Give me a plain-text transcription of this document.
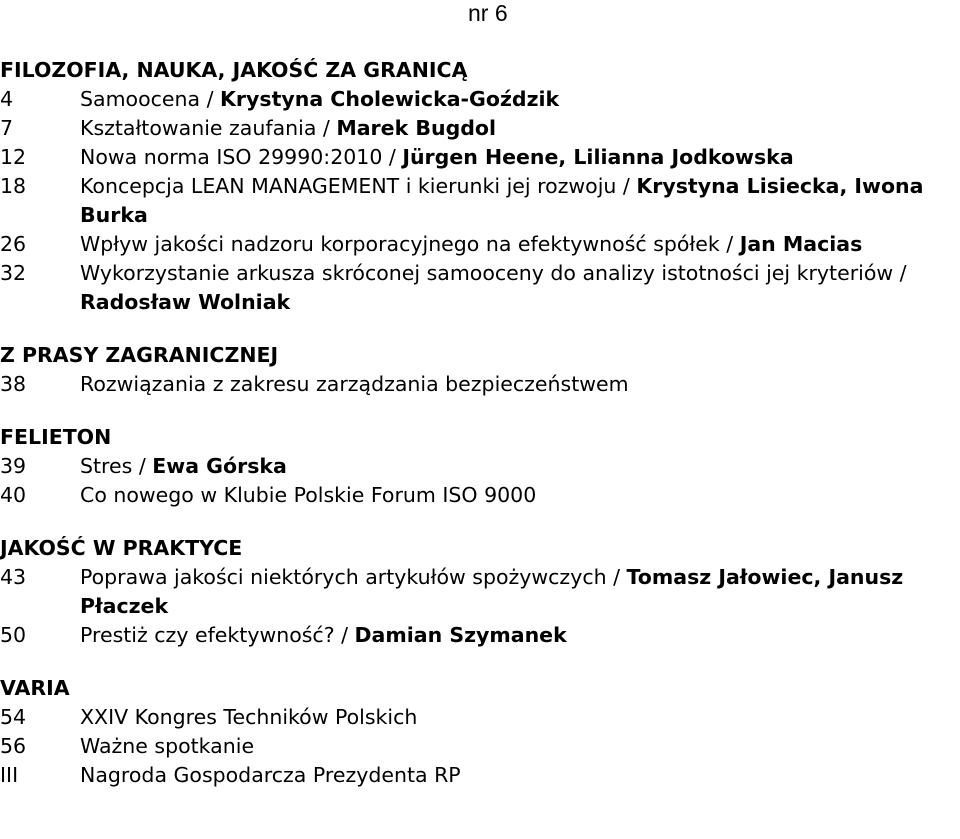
nr 6
FILOZOFIA, NAUKA, JAKOŚĆ ZA GRANICĄ
4	Samoocena / Krystyna Cholewicka-Goździk
7	Kształtowanie zaufania / Marek Bugdol
12	Nowa norma ISO 29990:2010 / Jürgen Heene, Lilianna Jodkowska
18	Koncepcja LEAN MANAGEMENT i kierunki jej rozwoju / Krystyna Lisiecka, Iwona Burka
26	Wpływ jakości nadzoru korporacyjnego na efektywność spółek / Jan Macias
32	Wykorzystanie arkusza skróconej samooceny do analizy istotności jej kryteriów / Radosław Wolniak
Z PRASY ZAGRANICZNEJ
38	Rozwiązania z zakresu zarządzania bezpieczeństwem
FELIETON
39	Stres / Ewa Górska
40	Co nowego w Klubie Polskie Forum ISO 9000
JAKOŚĆ W PRAKTYCE
43	Poprawa jakości niektórych artykułów spożywczych / Tomasz Jałowiec, Janusz Płaczek
50	Prestiż czy efektywność? / Damian Szymanek
VARIA
54	XXIV Kongres Techników Polskich
56	Ważne spotkanie
III	Nagroda Gospodarcza Prezydenta RP
